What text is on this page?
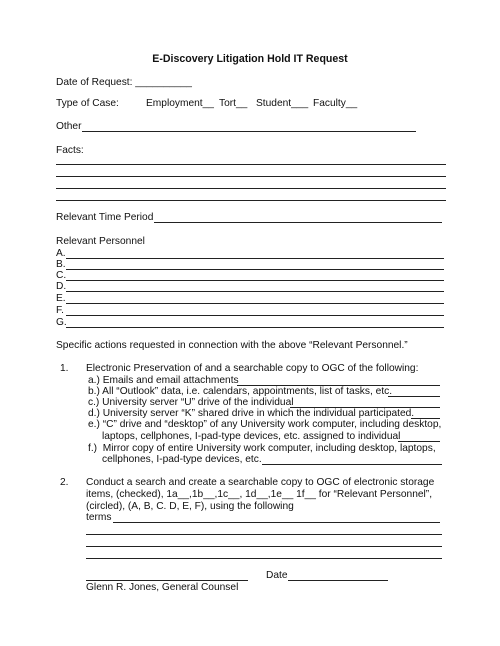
E-Discovery Litigation Hold IT Request
Date of Request: __________
Type of Case:	Employment__ Tort__ Student___ Faculty__
Other
Facts:
Relevant Time Period
Relevant Personnel
A.
B.
C.
D.
E.
F.
G.
Specific actions requested in connection with the above “Relevant Personnel.”
1. Electronic Preservation of and a searchable copy to OGC of the following:
a.) Emails and email attachments
b.) All “Outlook” data, i.e. calendars, appointments, list of tasks, etc.
c.) University server “U” drive of the individual
d.) University server “K” shared drive in which the individual participated.
e.) “C” drive and “desktop” of any University work computer, including desktop,
laptops, cellphones, I-pad-type devices, etc. assigned to individual
f.)  Mirror copy of entire University work computer, including desktop, laptops,
cellphones, I-pad-type devices, etc.
2. Conduct a search and create a searchable copy to OGC of electronic storage
items, (checked), 1a__,1b__,1c__, 1d__,1e__ 1f__ for “Relevant Personnel”,
(circled), (A, B, C. D, E, F), using the following
terms
Date
Glenn R. Jones, General Counsel
